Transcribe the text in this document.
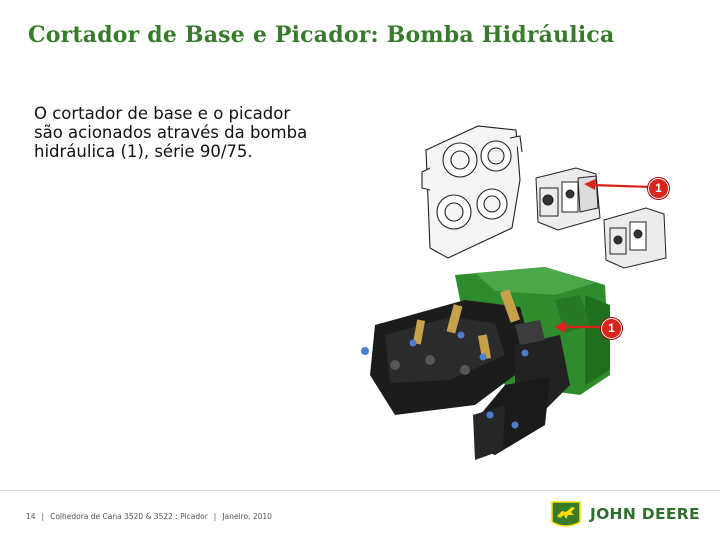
Cortador de Base e Picador: Bomba Hidráulica
O cortador de base e o picador
são acionados através da bomba
hidráulica (1), série 90/75.
1
1
14 | Colhedora de Cana 3520 & 3522 : Picador | Janeiro, 2010	JOHN DEERE
